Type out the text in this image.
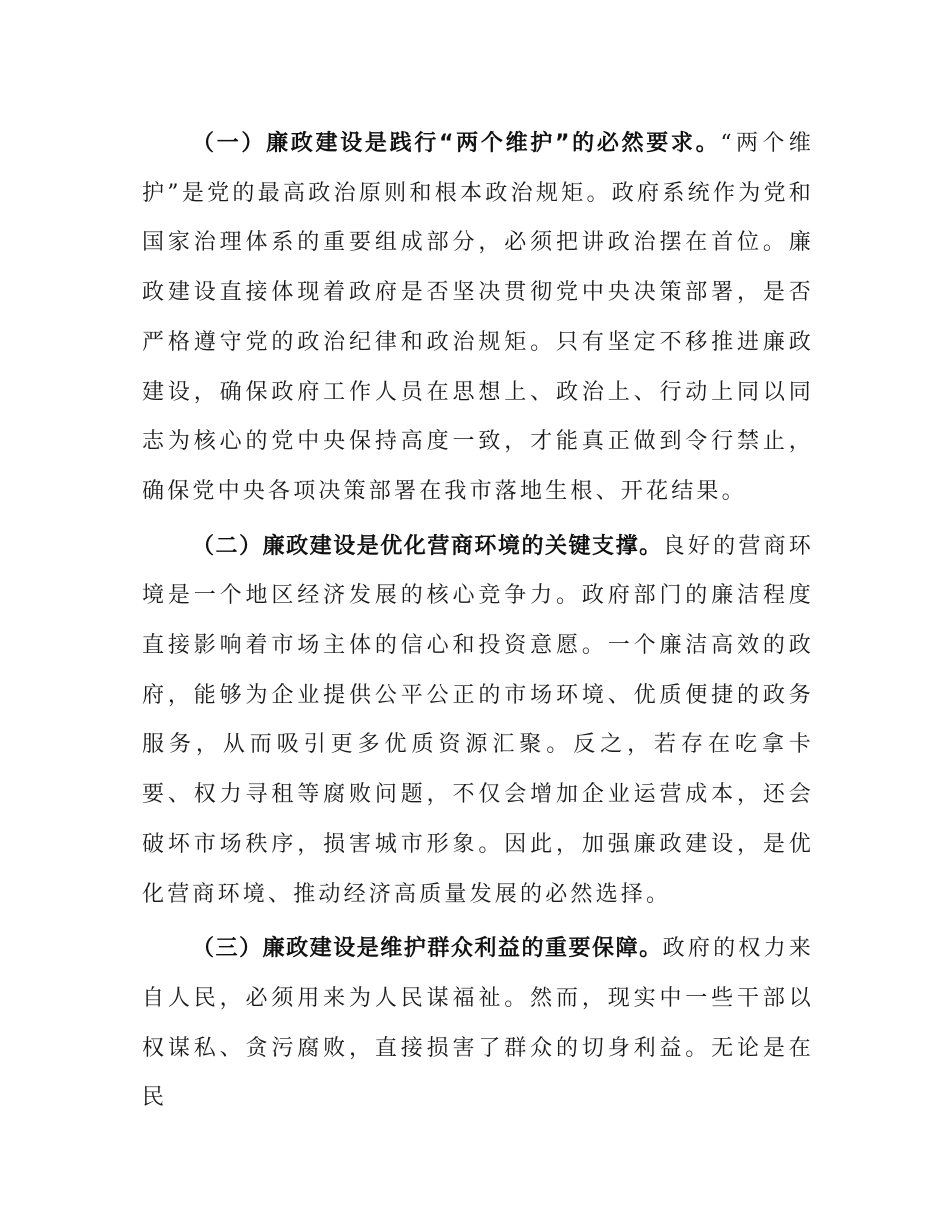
（一）廉政建设是践行“两个维护”的必然要求。“两个维护”是党的最高政治原则和根本政治规矩。政府系统作为党和国家治理体系的重要组成部分，必须把讲政治摆在首位。廉政建设直接体现着政府是否坚决贯彻党中央决策部署，是否严格遵守党的政治纪律和政治规矩。只有坚定不移推进廉政建设，确保政府工作人员在思想上、政治上、行动上同以同志为核心的党中央保持高度一致，才能真正做到令行禁止，确保党中央各项决策部署在我市落地生根、开花结果。

（二）廉政建设是优化营商环境的关键支撑。良好的营商环境是一个地区经济发展的核心竞争力。政府部门的廉洁程度直接影响着市场主体的信心和投资意愿。一个廉洁高效的政府，能够为企业提供公平公正的市场环境、优质便捷的政务服务，从而吸引更多优质资源汇聚。反之，若存在吃拿卡要、权力寻租等腐败问题，不仅会增加企业运营成本，还会破坏市场秩序，损害城市形象。因此，加强廉政建设，是优化营商环境、推动经济高质量发展的必然选择。

（三）廉政建设是维护群众利益的重要保障。政府的权力来自人民，必须用来为人民谋福祉。然而，现实中一些干部以权谋私、贪污腐败，直接损害了群众的切身利益。无论是在民
